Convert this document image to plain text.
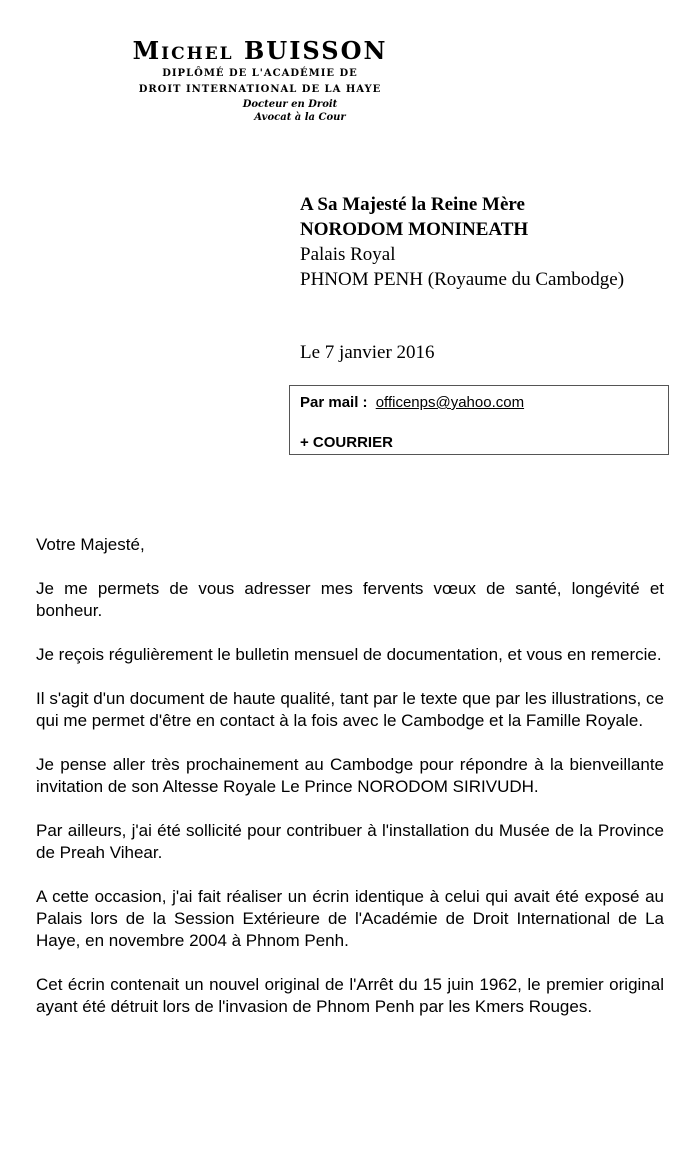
Michel BUISSON
DIPLÔMÉ DE L'ACADÉMIE DE
DROIT INTERNATIONAL DE LA HAYE
Docteur en Droit
Avocat à la Cour
A Sa Majesté la Reine Mère
NORODOM MONINEATH
Palais Royal
PHNOM PENH (Royaume du Cambodge)
Le 7 janvier 2016
Par mail : officenps@yahoo.com
+ COURRIER

Votre Majesté,

Je me permets de vous adresser mes fervents vœux de santé, longévité et bonheur.

Je reçois régulièrement le bulletin mensuel de documentation, et vous en remercie.

Il s'agit d'un document de haute qualité, tant par le texte que par les illustrations, ce qui me permet d'être en contact à la fois avec le Cambodge et la Famille Royale.

Je pense aller très prochainement au Cambodge pour répondre à la bienveillante invitation de son Altesse Royale Le Prince NORODOM SIRIVUDH.

Par ailleurs, j'ai été sollicité pour contribuer à l'installation du Musée de la Province de Preah Vihear.

A cette occasion, j'ai fait réaliser un écrin identique à celui qui avait été exposé au Palais lors de la Session Extérieure de l'Académie de Droit International de La Haye, en novembre 2004 à Phnom Penh.

Cet écrin contenait un nouvel original de l'Arrêt du 15 juin 1962, le premier original ayant été détruit lors de l'invasion de Phnom Penh par les Kmers Rouges.
